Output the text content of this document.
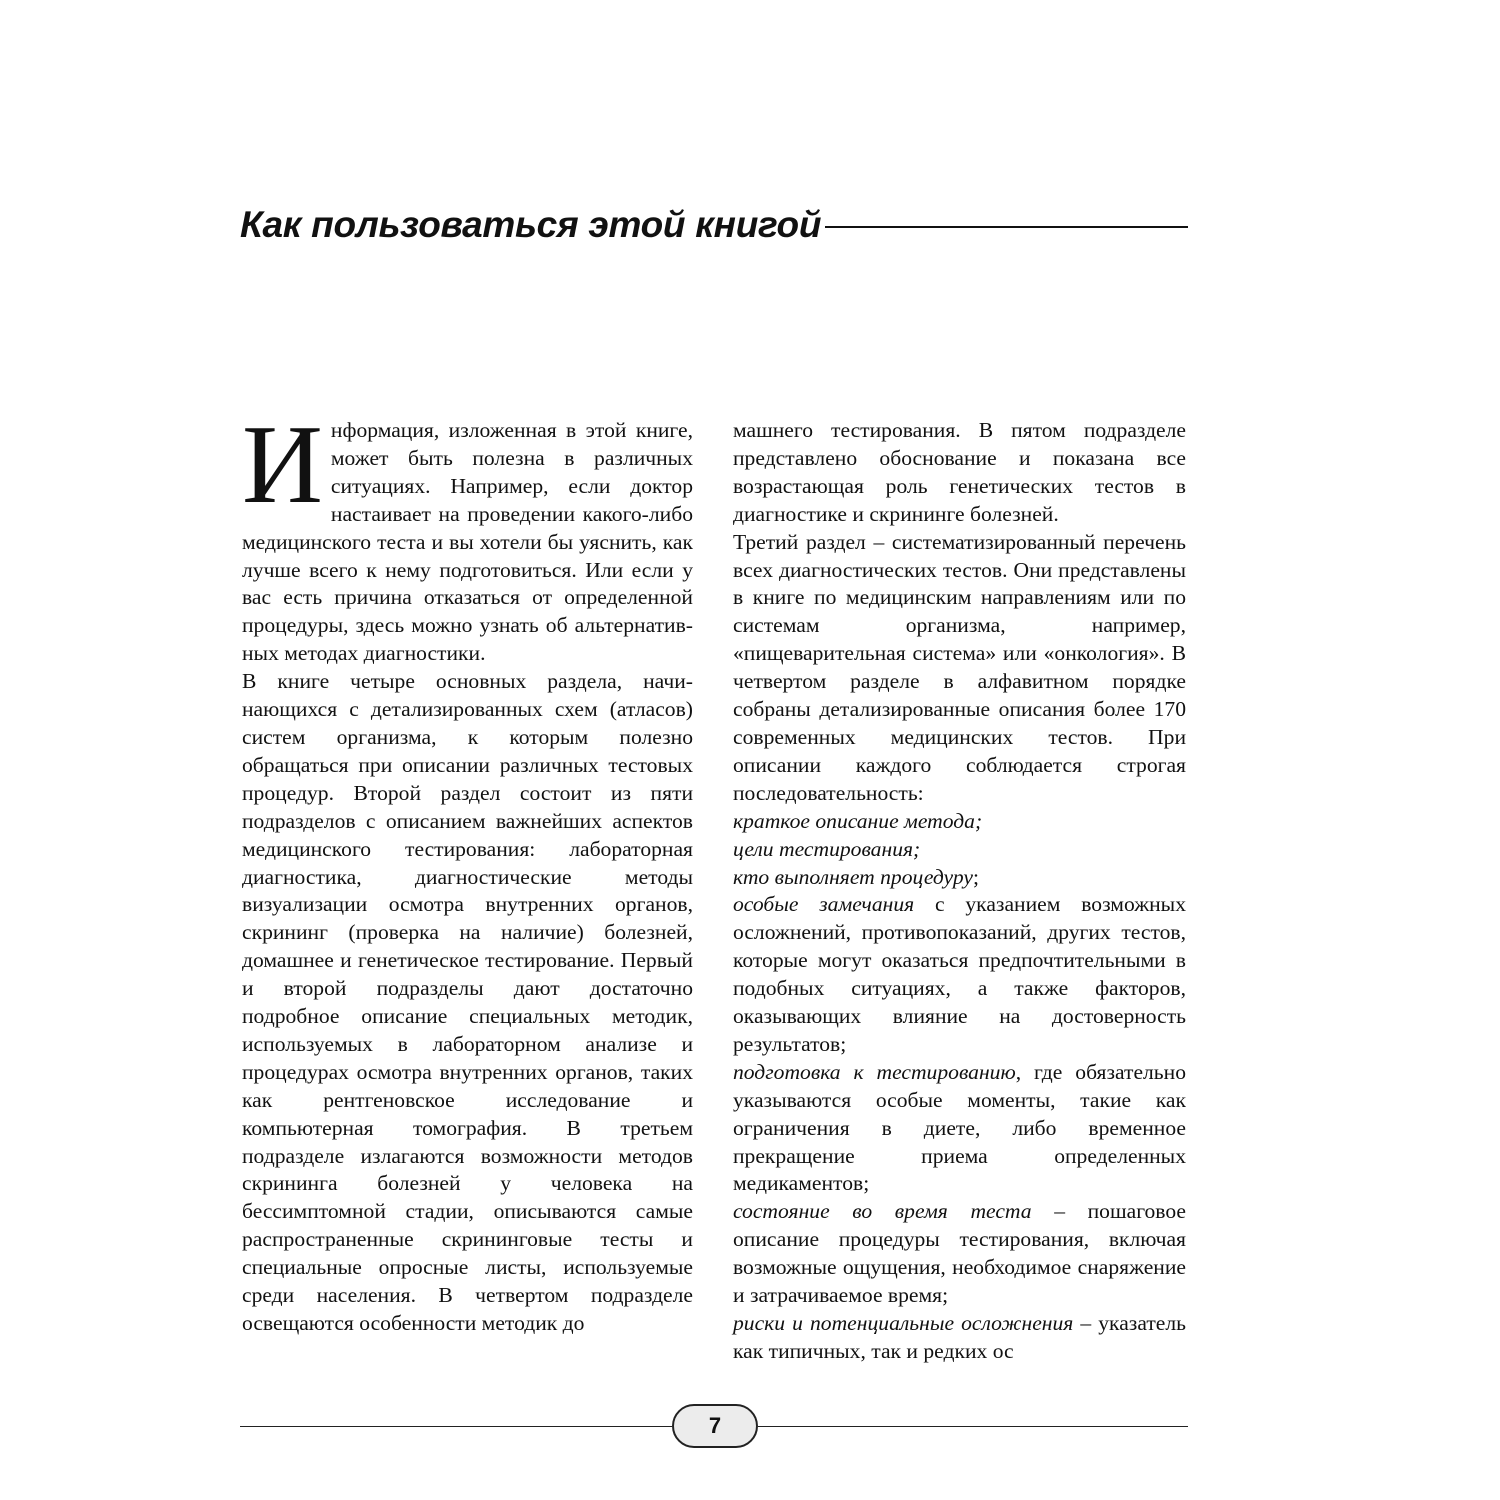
Как пользоваться этой книгой

Информация, изложенная в этой книге, может быть полезна в различных ситуациях. Например, если доктор настаивает на проведении какого-либо медицинского теста и вы хотели бы уяснить, как лучше всего к нему подготовиться. Или если у вас есть причина отказаться от определенной процедуры, здесь можно узнать об альтернативных методах диагностики.

В книге четыре основных раздела, начинающихся с детализированных схем (атласов) систем организма, к которым полезно обращаться при описании различных тестовых процедур. Второй раздел состоит из пяти подразделов с описанием важнейших аспектов медицинского тестирования: лабораторная диагностика, диагностические методы визуализации осмотра внутренних органов, скрининг (проверка на наличие) болезней, домашнее и генетическое тестирование. Первый и второй подразделы дают достаточно подробное описание специальных методик, используемых в лабораторном анализе и процедурах осмотра внутренних органов, таких как рентгеновское исследование и компьютерная томография. В третьем подразделе излагаются возможности методов скрининга болезней у человека на бессимптомной стадии, описываются самые распространенные скрининговые тесты и специальные опросные листы, используемые среди населения. В четвертом подразделе освещаются особенности методик до

машнего тестирования. В пятом подразделе представлено обоснование и показана все возрастающая роль генетических тестов в диагностике и скрининге болезней.

Третий раздел – систематизированный перечень всех диагностических тестов. Они представлены в книге по медицинским направлениям или по системам организма, например, «пищеварительная система» или «онкология». В четвертом разделе в алфавитном порядке собраны детализированные описания более 170 современных медицинских тестов. При описании каждого соблюдается строгая последовательность:

краткое описание метода;

цели тестирования;

кто выполняет процедуру;

особые замечания с указанием возможных осложнений, противопоказаний, других тестов, которые могут оказаться предпочтительными в подобных ситуациях, а также факторов, оказывающих влияние на достоверность результатов;

подготовка к тестированию, где обязательно указываются особые моменты, такие как ограничения в диете, либо временное прекращение приема определенных медикаментов;

состояние во время теста – пошаговое описание процедуры тестирования, включая возможные ощущения, необходимое снаряжение и затрачиваемое время;

риски и потенциальные осложнения – указатель как типичных, так и редких ос

7
